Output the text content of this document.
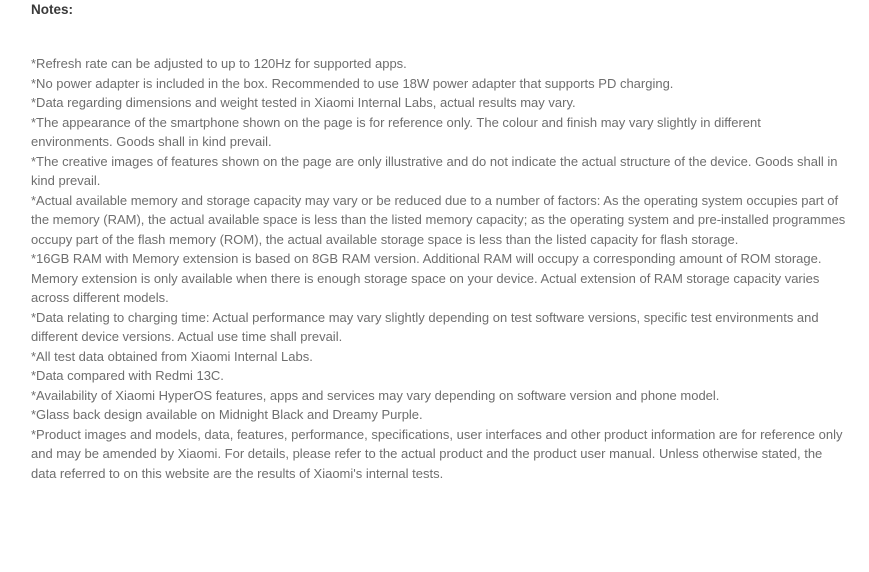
Notes:
*Refresh rate can be adjusted to up to 120Hz for supported apps.
*No power adapter is included in the box. Recommended to use 18W power adapter that supports PD charging.
*Data regarding dimensions and weight tested in Xiaomi Internal Labs, actual results may vary.
*The appearance of the smartphone shown on the page is for reference only. The colour and finish may vary slightly in different environments. Goods shall in kind prevail.
*The creative images of features shown on the page are only illustrative and do not indicate the actual structure of the device. Goods shall in kind prevail.
*Actual available memory and storage capacity may vary or be reduced due to a number of factors: As the operating system occupies part of the memory (RAM), the actual available space is less than the listed memory capacity; as the operating system and pre-installed programmes occupy part of the flash memory (ROM), the actual available storage space is less than the listed capacity for flash storage.
*16GB RAM with Memory extension is based on 8GB RAM version. Additional RAM will occupy a corresponding amount of ROM storage. Memory extension is only available when there is enough storage space on your device. Actual extension of RAM storage capacity varies across different models.
*Data relating to charging time: Actual performance may vary slightly depending on test software versions, specific test environments and different device versions. Actual use time shall prevail.
*All test data obtained from Xiaomi Internal Labs.
*Data compared with Redmi 13C.
*Availability of Xiaomi HyperOS features, apps and services may vary depending on software version and phone model.
*Glass back design available on Midnight Black and Dreamy Purple.
*Product images and models, data, features, performance, specifications, user interfaces and other product information are for reference only and may be amended by Xiaomi. For details, please refer to the actual product and the product user manual. Unless otherwise stated, the data referred to on this website are the results of Xiaomi's internal tests.
